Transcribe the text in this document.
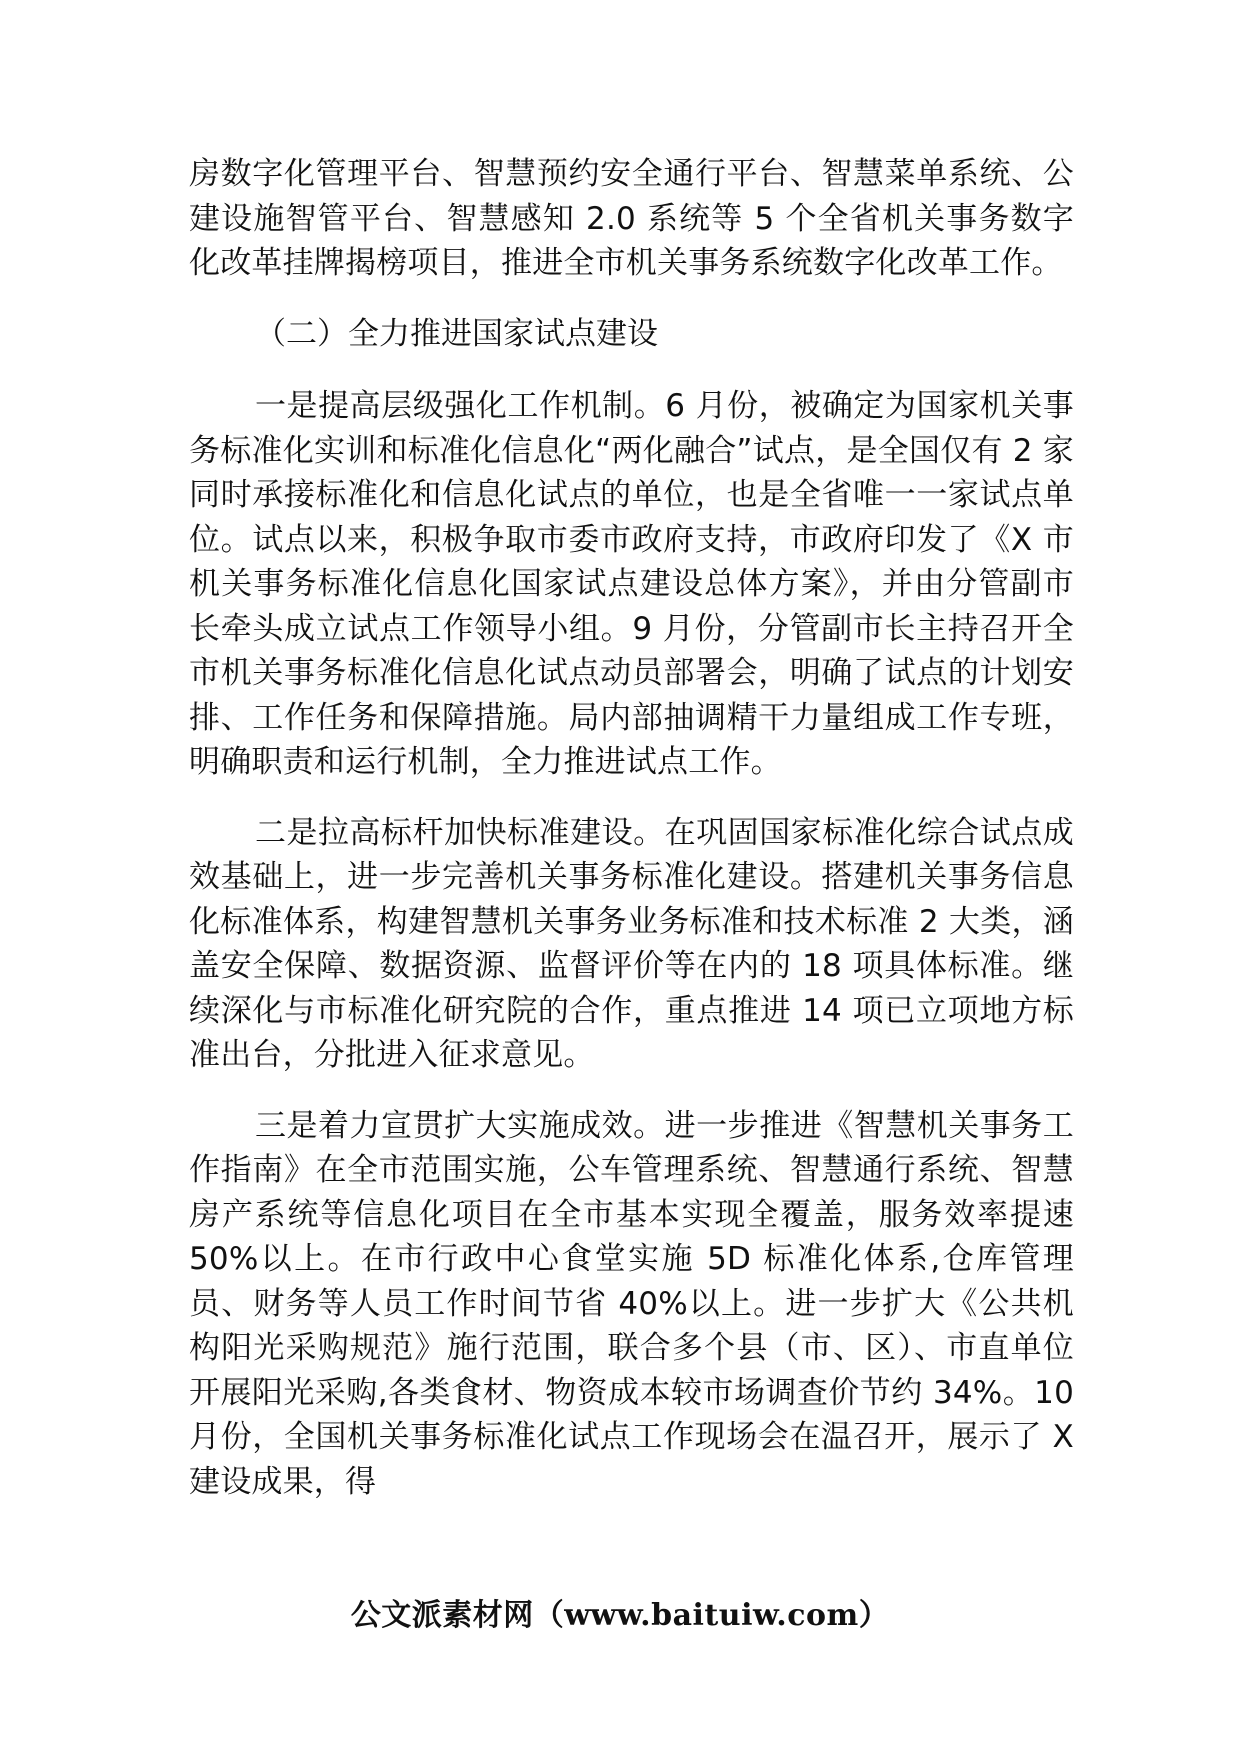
房数字化管理平台、智慧预约安全通行平台、智慧菜单系统、公建设施智管平台、智慧感知 2.0 系统等 5 个全省机关事务数字化改革挂牌揭榜项目，推进全市机关事务系统数字化改革工作。

（二）全力推进国家试点建设

一是提高层级强化工作机制。6 月份，被确定为国家机关事务标准化实训和标准化信息化“两化融合”试点，是全国仅有 2 家同时承接标准化和信息化试点的单位，也是全省唯一一家试点单位。试点以来，积极争取市委市政府支持，市政府印发了《X 市机关事务标准化信息化国家试点建设总体方案》，并由分管副市长牵头成立试点工作领导小组。9 月份，分管副市长主持召开全市机关事务标准化信息化试点动员部署会，明确了试点的计划安排、工作任务和保障措施。局内部抽调精干力量组成工作专班，明确职责和运行机制，全力推进试点工作。

二是拉高标杆加快标准建设。在巩固国家标准化综合试点成效基础上，进一步完善机关事务标准化建设。搭建机关事务信息化标准体系，构建智慧机关事务业务标准和技术标准 2 大类，涵盖安全保障、数据资源、监督评价等在内的 18 项具体标准。继续深化与市标准化研究院的合作，重点推进 14 项已立项地方标准出台，分批进入征求意见。

三是着力宣贯扩大实施成效。进一步推进《智慧机关事务工作指南》在全市范围实施，公车管理系统、智慧通行系统、智慧房产系统等信息化项目在全市基本实现全覆盖，服务效率提速 50%以上。在市行政中心食堂实施 5D 标准化体系,仓库管理员、财务等人员工作时间节省 40%以上。进一步扩大《公共机构阳光采购规范》施行范围，联合多个县（市、区）、市直单位开展阳光采购,各类食材、物资成本较市场调查价节约 34%。10 月份，全国机关事务标准化试点工作现场会在温召开，展示了 X 建设成果，得

公文派素材网（www.baituiw.com）
